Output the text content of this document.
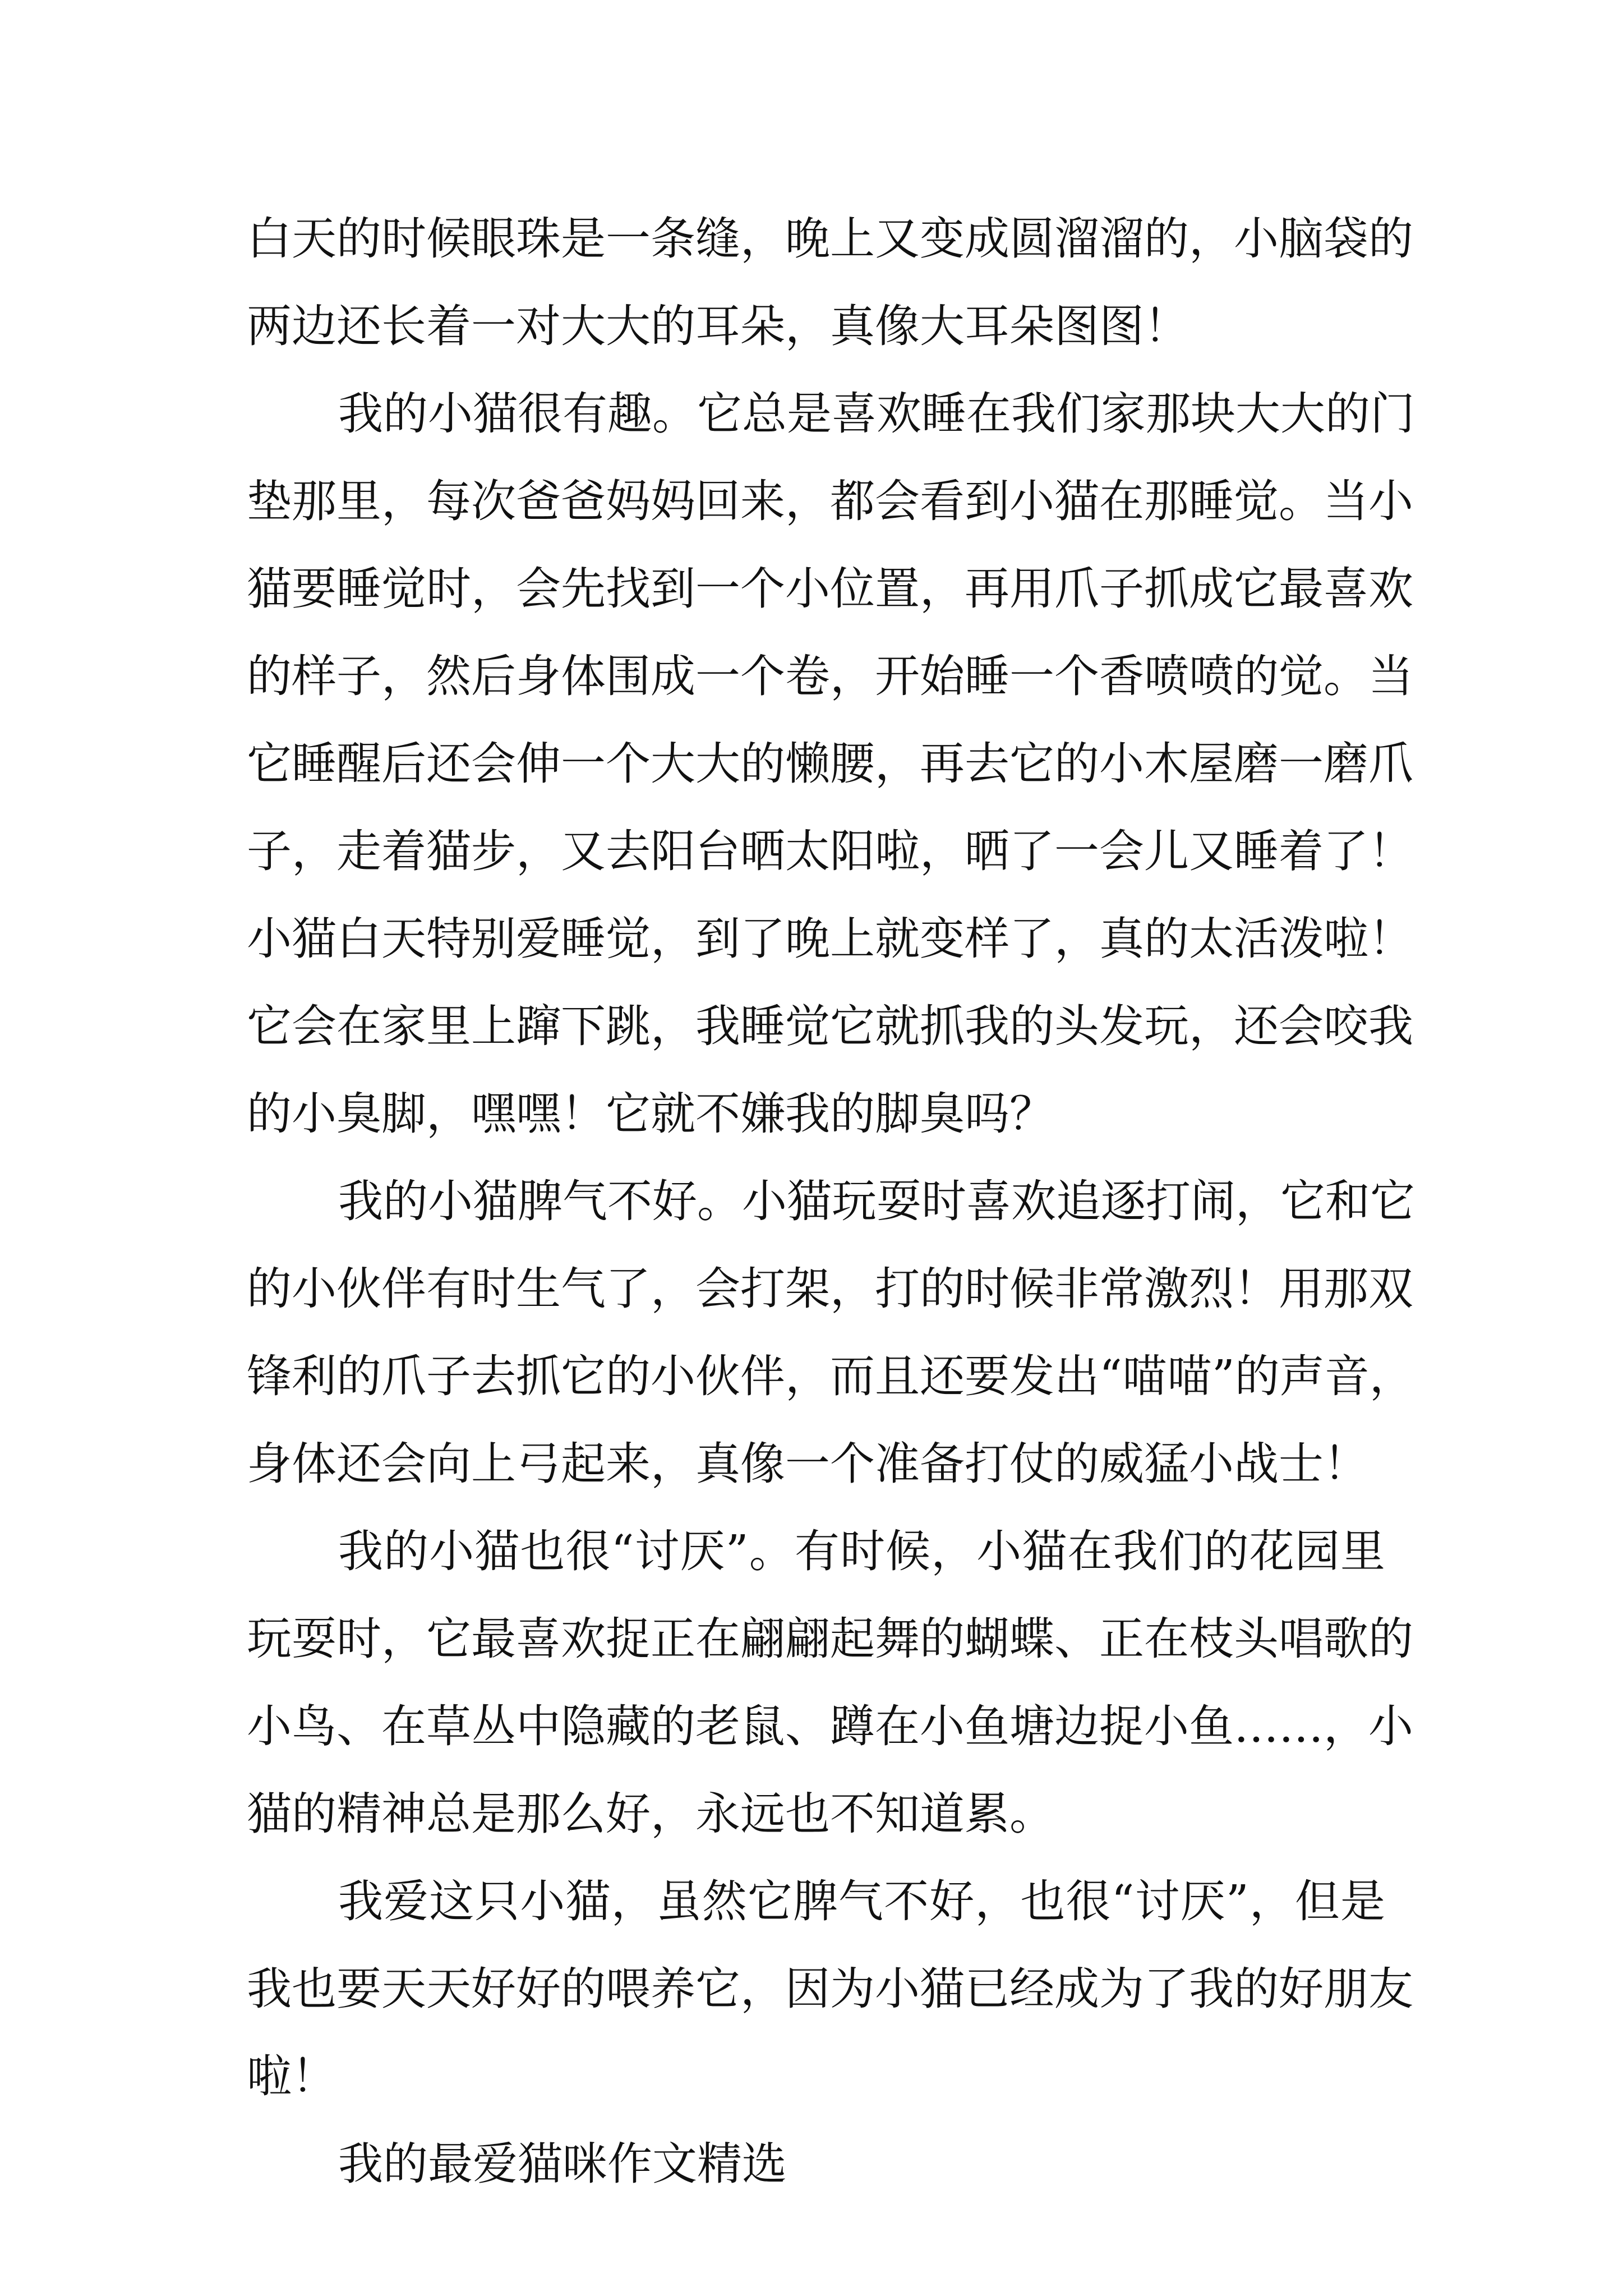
白天的时候眼珠是一条缝，晚上又变成圆溜溜的，小脑袋的

两边还长着一对大大的耳朵，真像大耳朵图图！

我的小猫很有趣。它总是喜欢睡在我们家那块大大的门

垫那里，每次爸爸妈妈回来，都会看到小猫在那睡觉。当小

猫要睡觉时，会先找到一个小位置，再用爪子抓成它最喜欢

的样子，然后身体围成一个卷，开始睡一个香喷喷的觉。当

它睡醒后还会伸一个大大的懒腰，再去它的小木屋磨一磨爪

子，走着猫步，又去阳台晒太阳啦，晒了一会儿又睡着了！

小猫白天特别爱睡觉，到了晚上就变样了，真的太活泼啦！

它会在家里上蹿下跳，我睡觉它就抓我的头发玩，还会咬我

的小臭脚，嘿嘿！它就不嫌我的脚臭吗？

我的小猫脾气不好。小猫玩耍时喜欢追逐打闹，它和它

的小伙伴有时生气了，会打架，打的时候非常激烈！用那双

锋利的爪子去抓它的小伙伴，而且还要发出“喵喵”的声音，

身体还会向上弓起来，真像一个准备打仗的威猛小战士！

我的小猫也很“讨厌”。有时候，小猫在我们的花园里

玩耍时，它最喜欢捉正在翩翩起舞的蝴蝶、正在枝头唱歌的

小鸟、在草丛中隐藏的老鼠、蹲在小鱼塘边捉小鱼……，小

猫的精神总是那么好，永远也不知道累。

我爱这只小猫，虽然它脾气不好，也很“讨厌”，但是

我也要天天好好的喂养它，因为小猫已经成为了我的好朋友

啦！

我的最爱猫咪作文精选
